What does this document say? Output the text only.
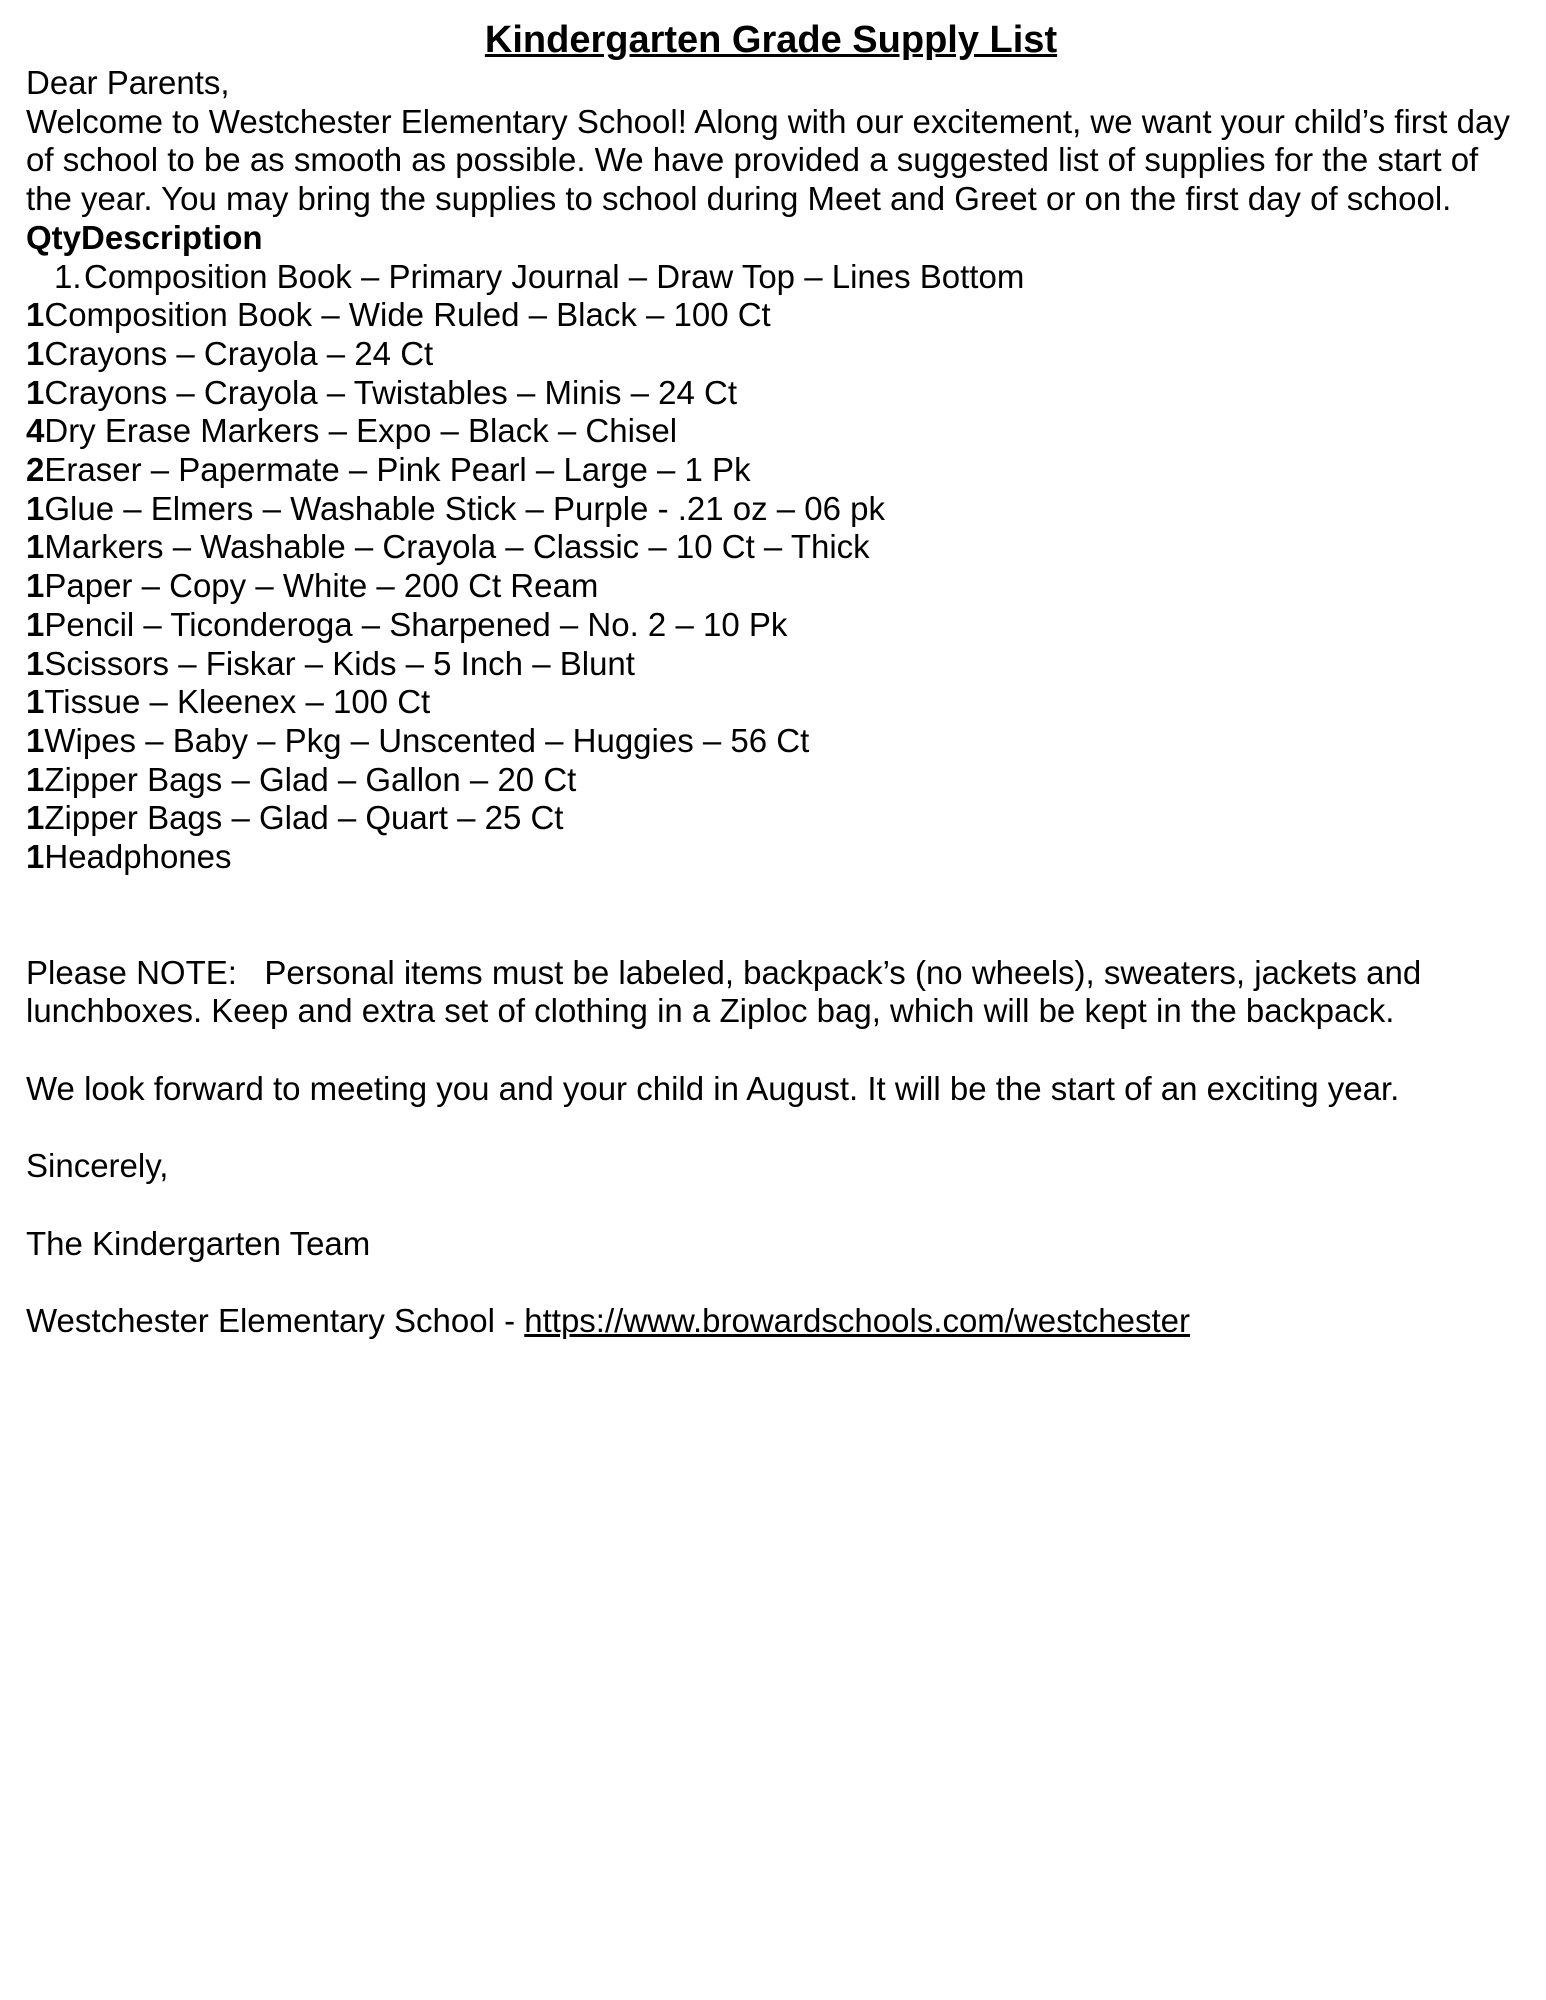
Kindergarten Grade Supply List

Dear Parents,

Welcome to Westchester Elementary School! Along with our excitement, we want your child’s first day of school to be as smooth as possible. We have provided a suggested list of supplies for the start of the year. You may bring the supplies to school during Meet and Greet or on the first day of school.

QtyDescription

1.Composition Book – Primary Journal – Draw Top – Lines Bottom

1Composition Book – Wide Ruled – Black – 100 Ct

1Crayons – Crayola – 24 Ct

1Crayons – Crayola – Twistables – Minis – 24 Ct

4Dry Erase Markers – Expo – Black – Chisel

2Eraser – Papermate – Pink Pearl – Large – 1 Pk

1Glue – Elmers – Washable Stick – Purple - .21 oz – 06 pk

1Markers – Washable – Crayola – Classic – 10 Ct – Thick

1Paper – Copy – White – 200 Ct Ream

1Pencil – Ticonderoga – Sharpened – No. 2 – 10 Pk

1Scissors – Fiskar – Kids – 5 Inch – Blunt

1Tissue – Kleenex – 100 Ct

1Wipes – Baby – Pkg – Unscented – Huggies – 56 Ct

1Zipper Bags – Glad – Gallon – 20 Ct

1Zipper Bags – Glad – Quart – 25 Ct

1Headphones

Please NOTE:   Personal items must be labeled, backpack’s (no wheels), sweaters, jackets and lunchboxes. Keep and extra set of clothing in a Ziploc bag, which will be kept in the backpack.

We look forward to meeting you and your child in August. It will be the start of an exciting year.

Sincerely,

The Kindergarten Team

Westchester Elementary School - https://www.browardschools.com/westchester
